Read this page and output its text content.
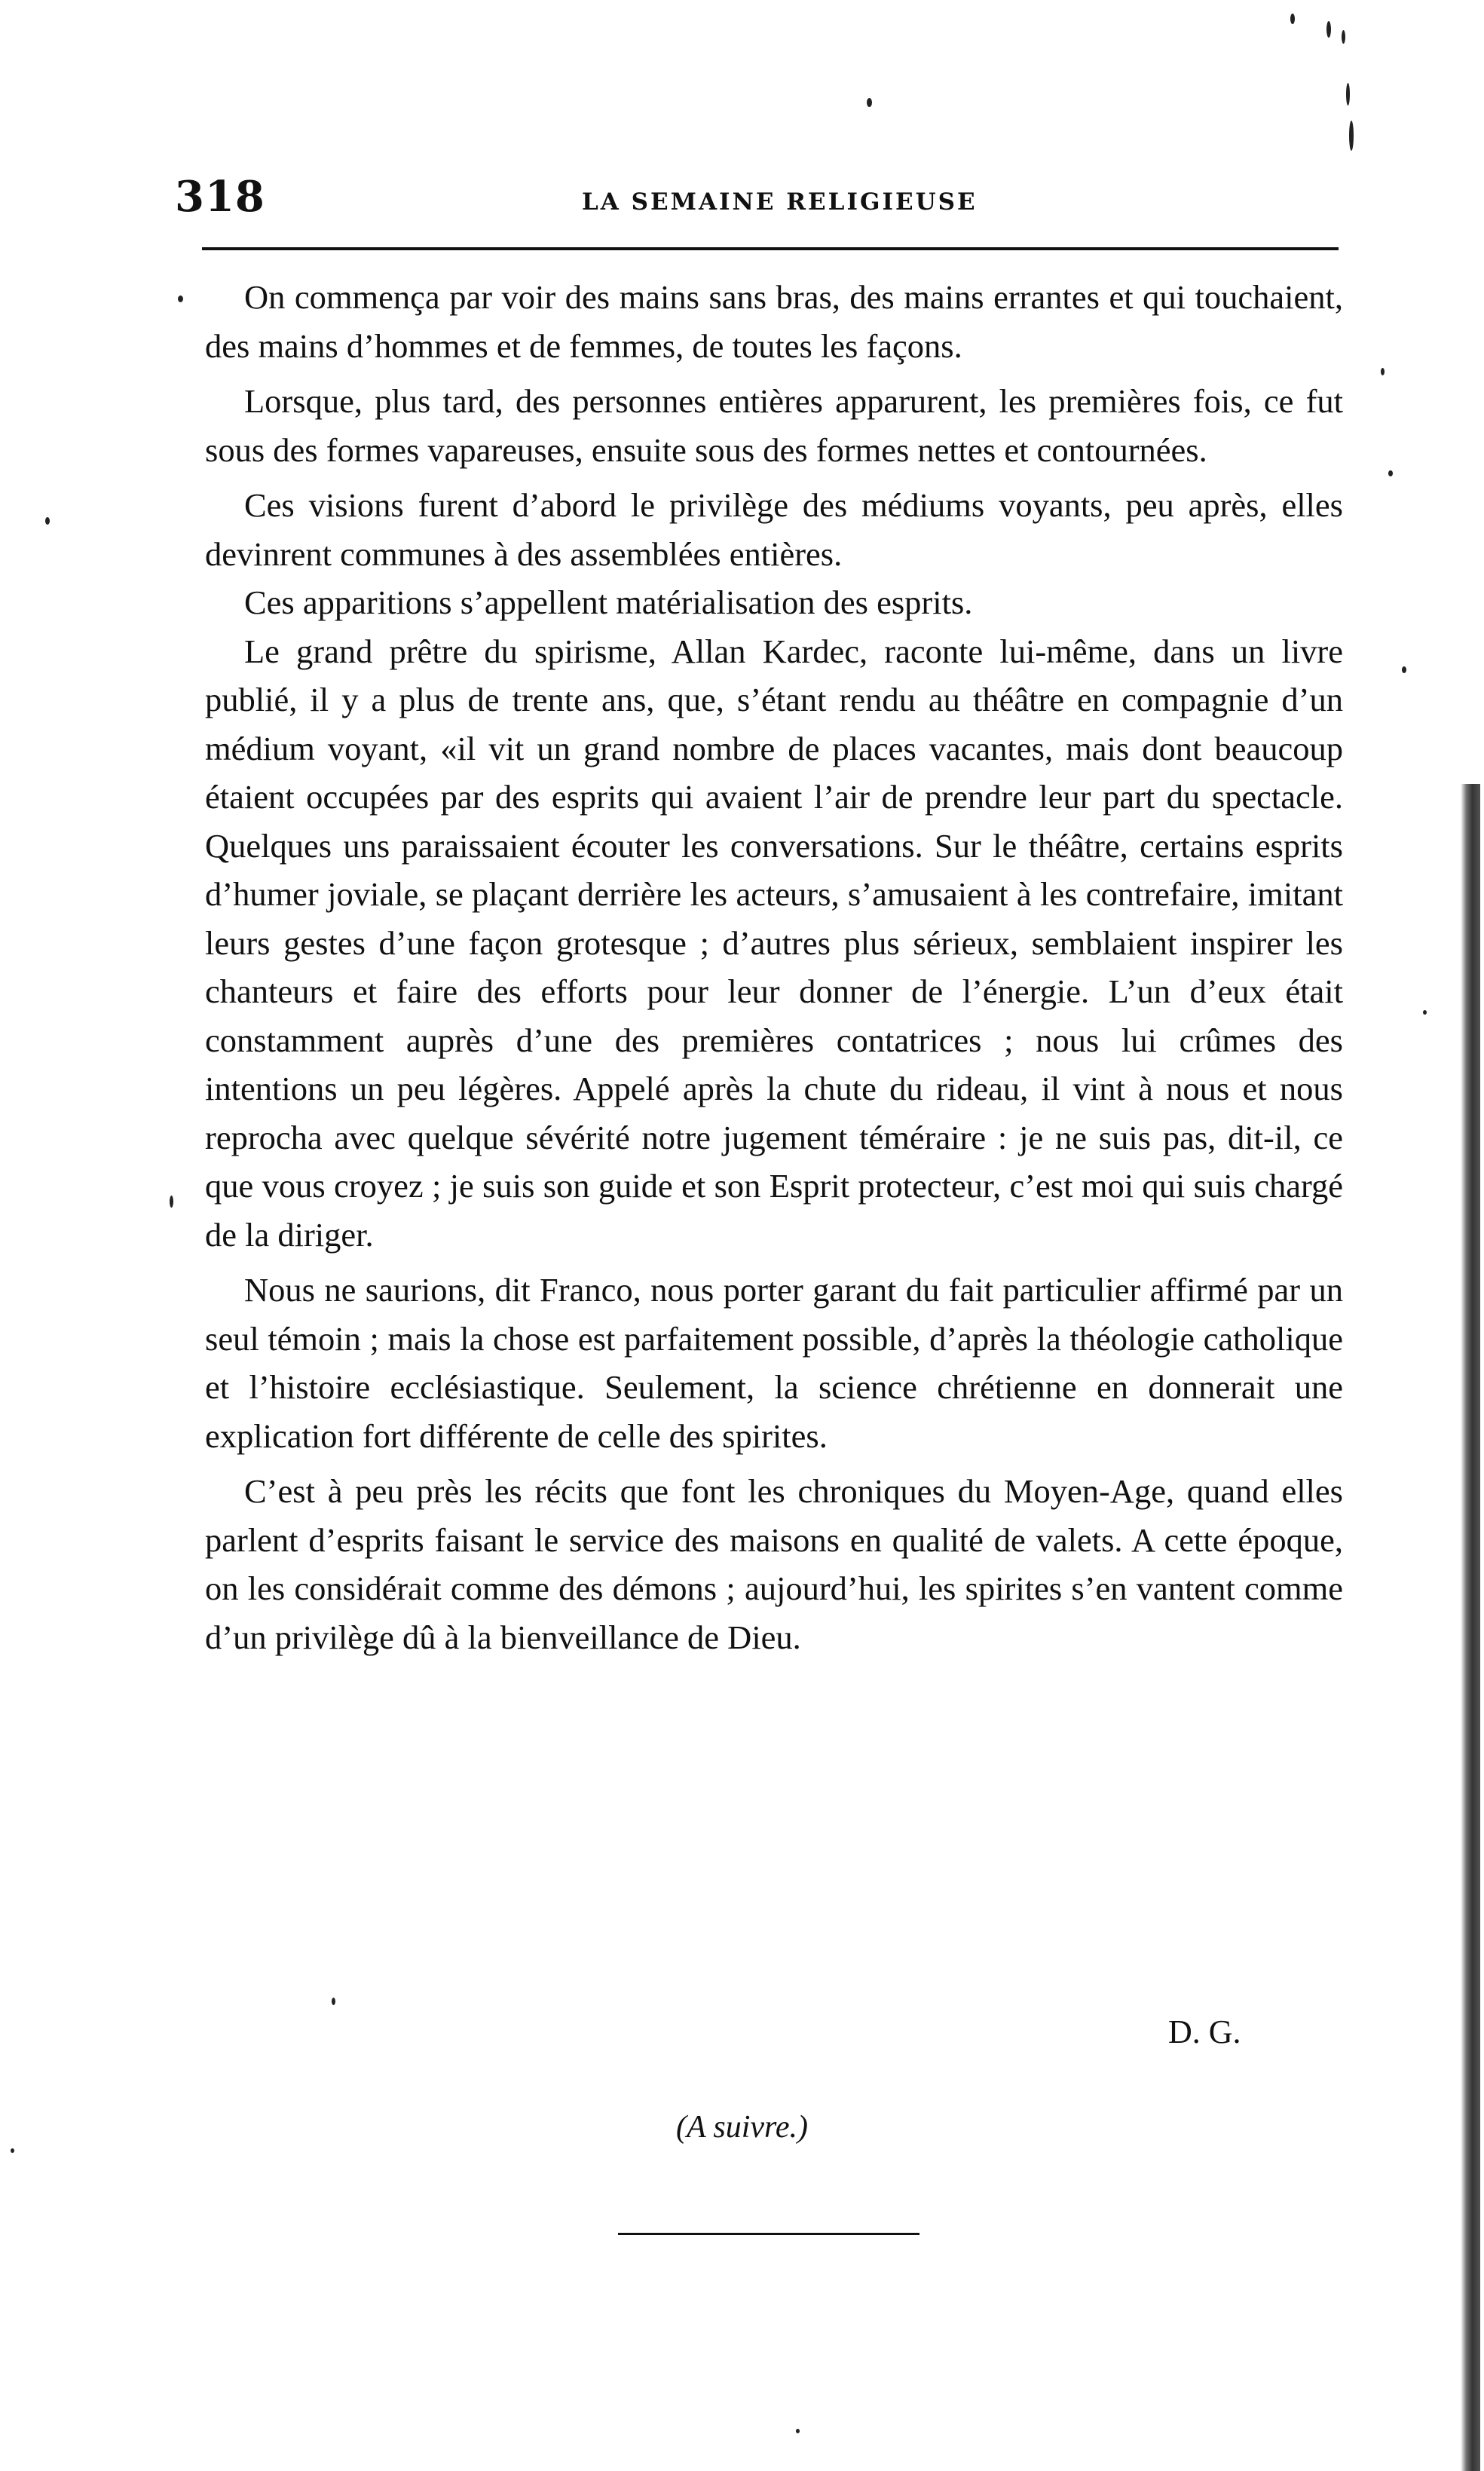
318	LA SEMAINE RELIGIEUSE

On commença par voir des mains sans bras, des mains errantes et qui touchaient, des mains d’hommes et de femmes, de toutes les façons.

Lorsque, plus tard, des personnes entières apparurent, les premières fois, ce fut sous des formes vapareuses, ensuite sous des formes nettes et contournées.

Ces visions furent d’abord le privilège des médiums voyants, peu après, elles devinrent communes à des assemblées entières.

Ces apparitions s’appellent matérialisation des esprits.

Le grand prêtre du spirisme, Allan Kardec, raconte lui-même, dans un livre publié, il y a plus de trente ans, que, s’étant rendu au théâtre en compagnie d’un médium voyant, «il vit un grand nombre de places vacantes, mais dont beaucoup étaient occupées par des esprits qui avaient l’air de prendre leur part du spectacle. Quelques uns paraissaient écouter les conversations. Sur le théâtre, certains esprits d’humer joviale, se plaçant derrière les acteurs, s’amusaient à les contrefaire, imitant leurs gestes d’une façon grotesque ; d’autres plus sérieux, semblaient inspirer les chanteurs et faire des efforts pour leur donner de l’énergie. L’un d’eux était constamment auprès d’une des premières contatrices ; nous lui crûmes des intentions un peu légères. Appelé après la chute du rideau, il vint à nous et nous reprocha avec quelque sévérité notre jugement téméraire : je ne suis pas, dit-il, ce que vous croyez ; je suis son guide et son Esprit protecteur, c’est moi qui suis chargé de la diriger.

Nous ne saurions, dit Franco, nous porter garant du fait particulier affirmé par un seul témoin ; mais la chose est parfaitement possible, d’après la théologie catholique et l’histoire ecclésiastique. Seulement, la science chrétienne en donnerait une explication fort différente de celle des spirites.

C’est à peu près les récits que font les chroniques du Moyen-Age, quand elles parlent d’esprits faisant le service des maisons en qualité de valets. A cette époque, on les considérait comme des démons ; aujourd’hui, les spirites s’en vantent comme d’un privilège dû à la bienveillance de Dieu.

D. G.
(A suivre.)
